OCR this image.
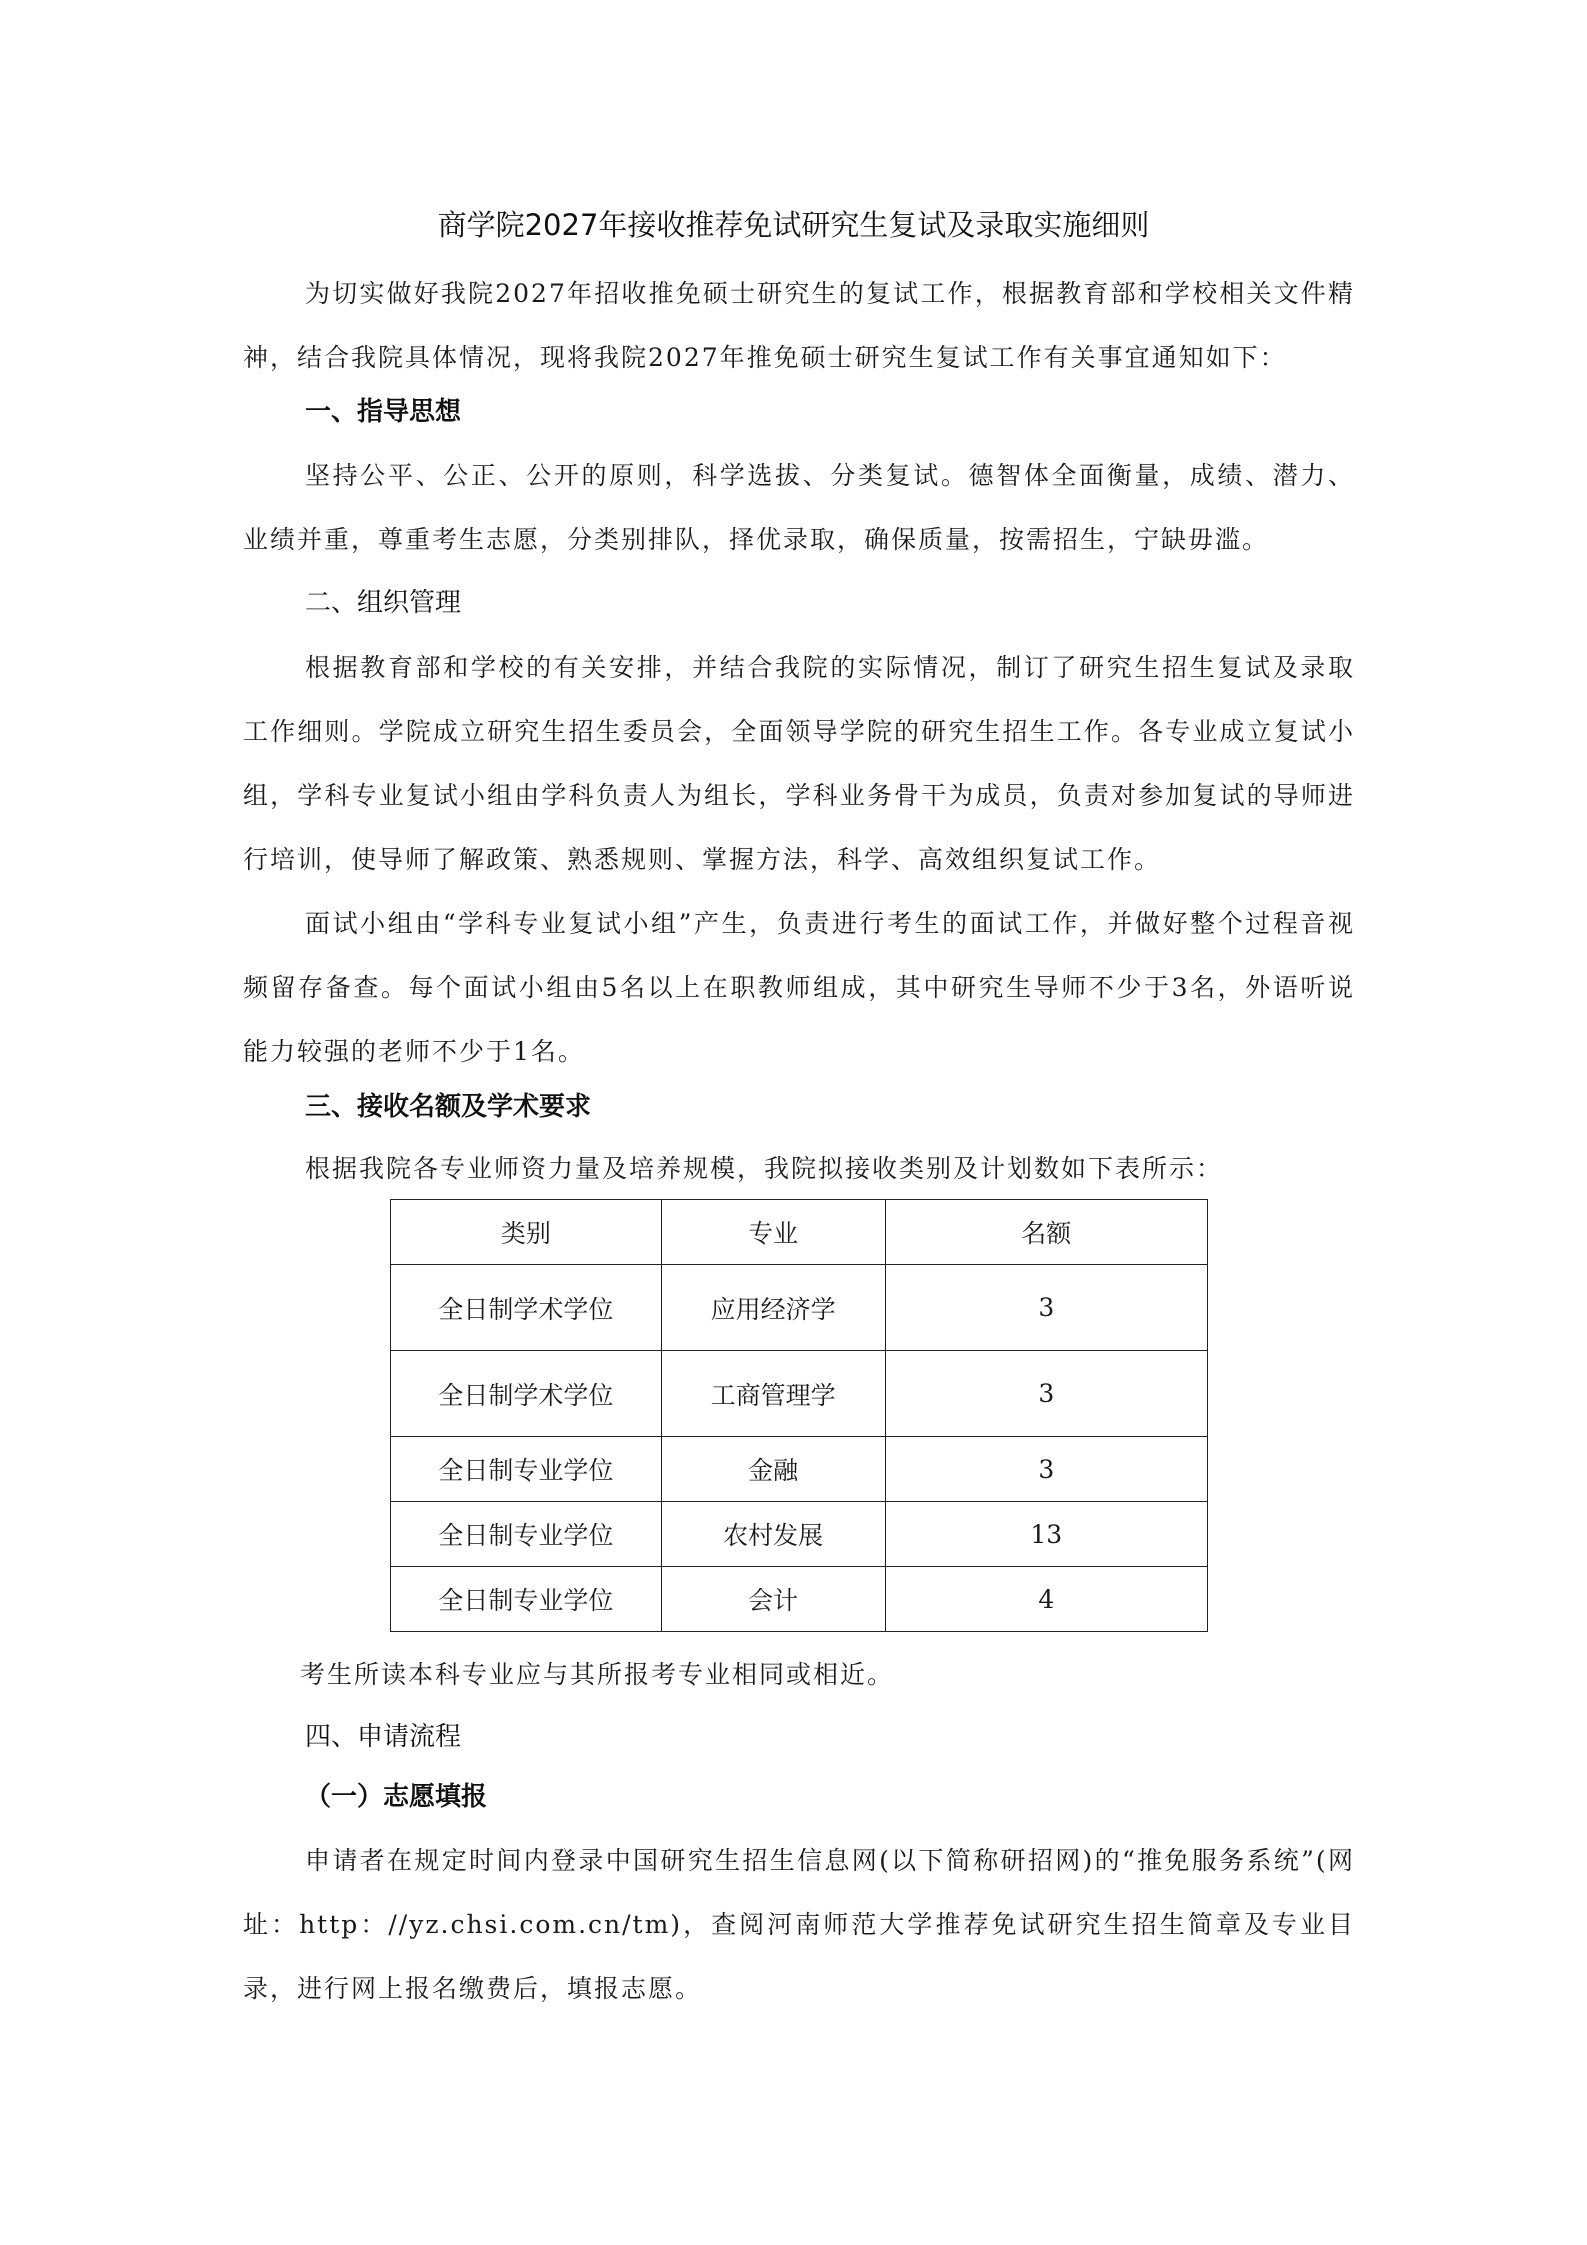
商学院2027年接收推荐免试研究生复试及录取实施细则

为切实做好我院2027年招收推免硕士研究生的复试工作，根据教育部和学校相关文件精神，结合我院具体情况，现将我院2027年推免硕士研究生复试工作有关事宜通知如下：

一、指导思想

坚持公平、公正、公开的原则，科学选拔、分类复试。德智体全面衡量，成绩、潜力、业绩并重，尊重考生志愿，分类别排队，择优录取，确保质量，按需招生，宁缺毋滥。

二、组织管理

根据教育部和学校的有关安排，并结合我院的实际情况，制订了研究生招生复试及录取工作细则。学院成立研究生招生委员会，全面领导学院的研究生招生工作。各专业成立复试小组，学科专业复试小组由学科负责人为组长，学科业务骨干为成员，负责对参加复试的导师进行培训，使导师了解政策、熟悉规则、掌握方法，科学、高效组织复试工作。

面试小组由“学科专业复试小组”产生，负责进行考生的面试工作，并做好整个过程音视频留存备查。每个面试小组由5名以上在职教师组成，其中研究生导师不少于3名，外语听说能力较强的老师不少于1名。

三、接收名额及学术要求

根据我院各专业师资力量及培养规模，我院拟接收类别及计划数如下表所示：

类别	专业	名额
全日制学术学位	应用经济学	3
全日制学术学位	工商管理学	3
全日制专业学位	金融	3
全日制专业学位	农村发展	13
全日制专业学位	会计	4

考生所读本科专业应与其所报考专业相同或相近。

四、申请流程
（一）志愿填报

申请者在规定时间内登录中国研究生招生信息网(以下简称研招网)的“推免服务系统”(网址：http：//yz.chsi.com.cn/tm)，查阅河南师范大学推荐免试研究生招生简章及专业目录，进行网上报名缴费后，填报志愿。
